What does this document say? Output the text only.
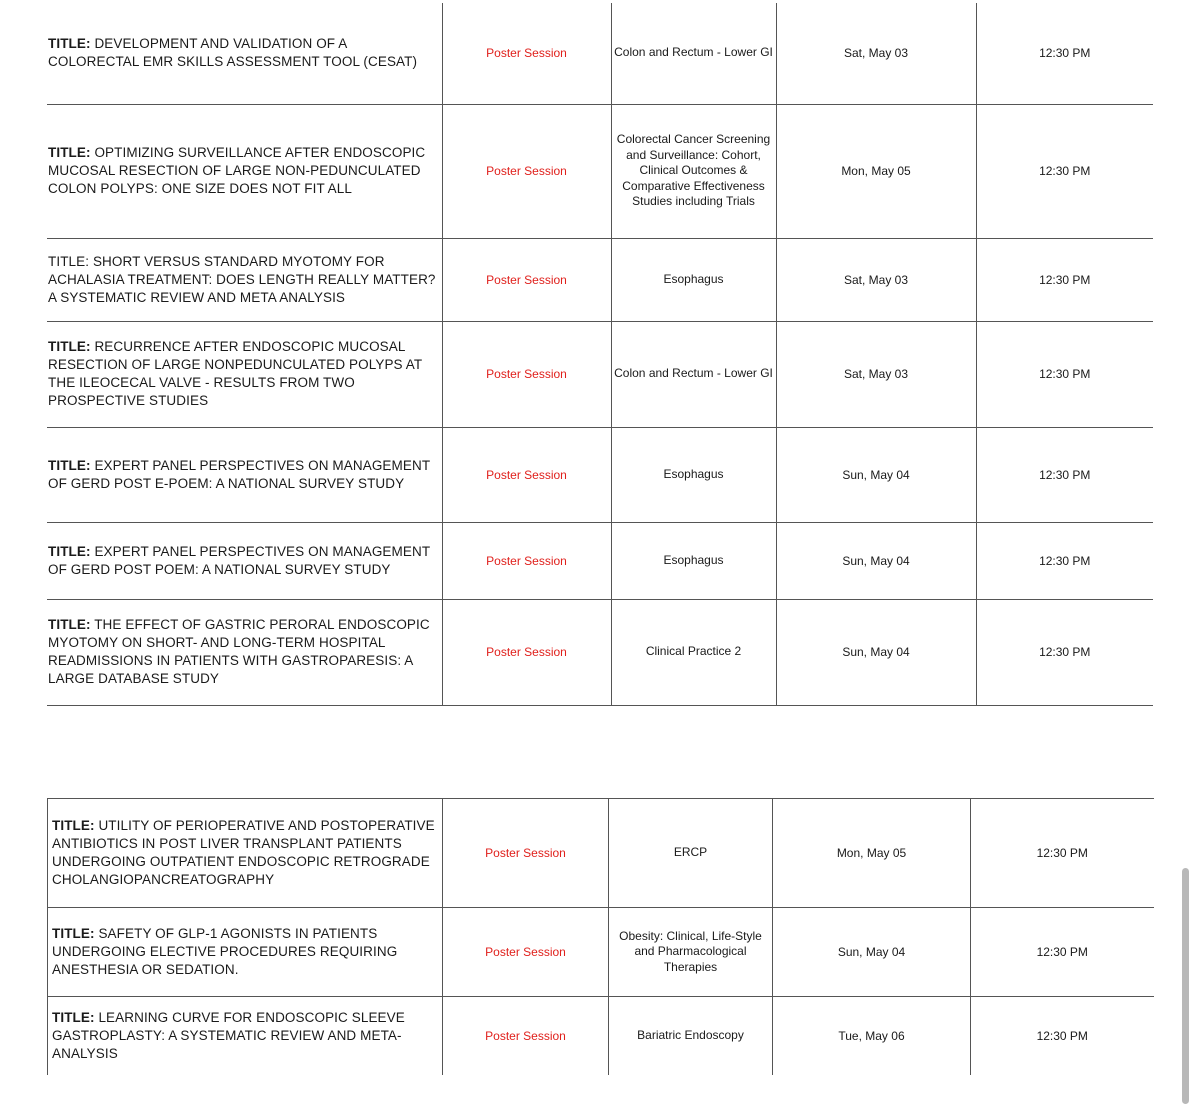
TITLE: DEVELOPMENT AND VALIDATION OF A COLORECTAL EMR SKILLS ASSESSMENT TOOL (CESAT)	Poster Session	Colon and Rectum - Lower GI	Sat, May 03	12:30 PM
TITLE: OPTIMIZING SURVEILLANCE AFTER ENDOSCOPIC MUCOSAL RESECTION OF LARGE NON-PEDUNCULATED COLON POLYPS: ONE SIZE DOES NOT FIT ALL	Poster Session	Colorectal Cancer Screening and Surveillance: Cohort, Clinical Outcomes & Comparative Effectiveness Studies including Trials	Mon, May 05	12:30 PM
TITLE: SHORT VERSUS STANDARD MYOTOMY FOR ACHALASIA TREATMENT: DOES LENGTH REALLY MATTER? A SYSTEMATIC REVIEW AND META ANALYSIS	Poster Session	Esophagus	Sat, May 03	12:30 PM
TITLE: RECURRENCE AFTER ENDOSCOPIC MUCOSAL RESECTION OF LARGE NONPEDUNCULATED POLYPS AT THE ILEOCECAL VALVE - RESULTS FROM TWO PROSPECTIVE STUDIES	Poster Session	Colon and Rectum - Lower GI	Sat, May 03	12:30 PM
TITLE: EXPERT PANEL PERSPECTIVES ON MANAGEMENT OF GERD POST E-POEM: A NATIONAL SURVEY STUDY	Poster Session	Esophagus	Sun, May 04	12:30 PM
TITLE: EXPERT PANEL PERSPECTIVES ON MANAGEMENT OF GERD POST POEM: A NATIONAL SURVEY STUDY	Poster Session	Esophagus	Sun, May 04	12:30 PM
TITLE: THE EFFECT OF GASTRIC PERORAL ENDOSCOPIC MYOTOMY ON SHORT- AND LONG-TERM HOSPITAL READMISSIONS IN PATIENTS WITH GASTROPARESIS: A LARGE DATABASE STUDY	Poster Session	Clinical Practice 2	Sun, May 04	12:30 PM
TITLE: UTILITY OF PERIOPERATIVE AND POSTOPERATIVE ANTIBIOTICS IN POST LIVER TRANSPLANT PATIENTS UNDERGOING OUTPATIENT ENDOSCOPIC RETROGRADE CHOLANGIOPANCREATOGRAPHY	Poster Session	ERCP	Mon, May 05	12:30 PM
TITLE: SAFETY OF GLP-1 AGONISTS IN PATIENTS UNDERGOING ELECTIVE PROCEDURES REQUIRING ANESTHESIA OR SEDATION.	Poster Session	Obesity: Clinical, Life-Style and Pharmacological Therapies	Sun, May 04	12:30 PM
TITLE: LEARNING CURVE FOR ENDOSCOPIC SLEEVE GASTROPLASTY: A SYSTEMATIC REVIEW AND META-ANALYSIS	Poster Session	Bariatric Endoscopy	Tue, May 06	12:30 PM
